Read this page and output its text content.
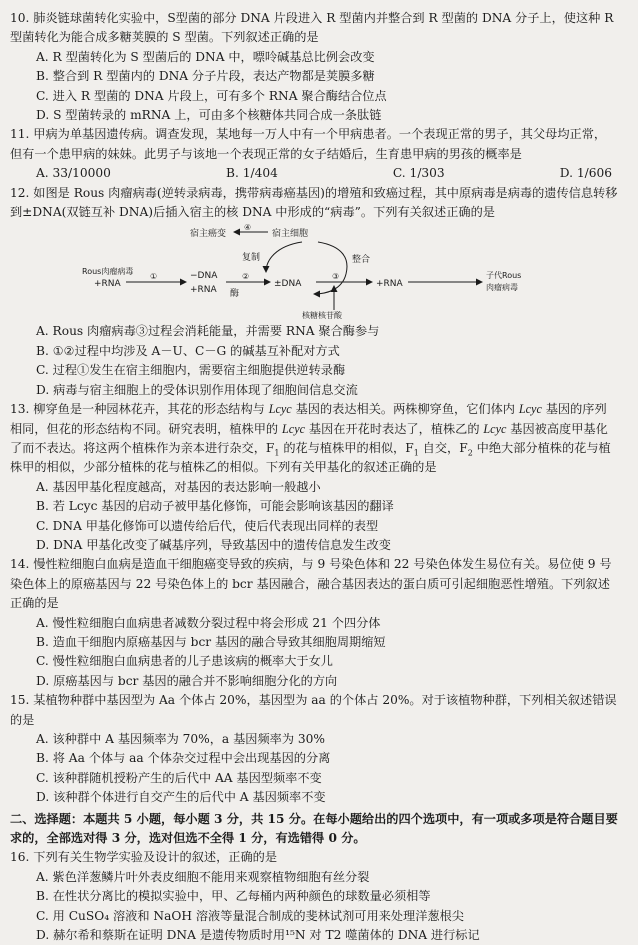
10. 肺炎链球菌转化实验中，S型菌的部分 DNA 片段进入 R 型菌内并整合到 R 型菌的 DNA 分子上，使这种 R 型菌转化为能合成多糖荚膜的 S 型菌。下列叙述正确的是
A. R 型菌转化为 S 型菌后的 DNA 中，嘌呤碱基总比例会改变
B. 整合到 R 型菌内的 DNA 分子片段，表达产物都是荚膜多糖
C. 进入 R 型菌的 DNA 片段上，可有多个 RNA 聚合酶结合位点
D. S 型菌转录的 mRNA 上，可由多个核糖体共同合成一条肽链
11. 甲病为单基因遗传病。调查发现，某地每一万人中有一个甲病患者。一个表现正常的男子，其父母均正常，但有一个患甲病的妹妹。此男子与该地一个表现正常的女子结婚后，生育患甲病的男孩的概率是
A. 33/10000	B. 1/404	C. 1/303	D. 1/606
12. 如图是 Rous 肉瘤病毒(逆转录病毒，携带病毒癌基因)的增殖和致癌过程，其中原病毒是病毒的遗传信息转移到±DNA(双链互补 DNA)后插入宿主的核 DNA 中形成的“病毒”。下列有关叙述正确的是
宿主癌变
④
宿主细胞
复制	整合
Rous肉瘤病毒
+RNA
①	−DNA
+RNA
②
酶
±DNA
③
核糖核苷酸
+RNA
子代Rous
肉瘤病毒
A. Rous 肉瘤病毒③过程会消耗能量，并需要 RNA 聚合酶参与
B. ①②过程中均涉及 A－U、C－G 的碱基互补配对方式
C. 过程①发生在宿主细胞内，需要宿主细胞提供逆转录酶
D. 病毒与宿主细胞上的受体识别作用体现了细胞间信息交流
13. 柳穿鱼是一种园林花卉，其花的形态结构与 Lcyc 基因的表达相关。两株柳穿鱼，它们体内 Lcyc 基因的序列相同，但花的形态结构不同。研究表明，植株甲的 Lcyc 基因在开花时表达了，植株乙的 Lcyc 基因被高度甲基化了而不表达。将这两个植株作为亲本进行杂交，$F_1$ 的花与植株甲的相似，$F_1$ 自交，$F_2$ 中绝大部分植株的花与植株甲的相似，少部分植株的花与植株乙的相似。下列有关甲基化的叙述正确的是
A. 基因甲基化程度越高，对基因的表达影响一般越小
B. 若 Lcyc 基因的启动子被甲基化修饰，可能会影响该基因的翻译
C. DNA 甲基化修饰可以遗传给后代，使后代表现出同样的表型
D. DNA 甲基化改变了碱基序列，导致基因中的遗传信息发生改变
14. 慢性粒细胞白血病是造血干细胞癌变导致的疾病，与 9 号染色体和 22 号染色体发生易位有关。易位使 9 号染色体上的原癌基因与 22 号染色体上的 bcr 基因融合，融合基因表达的蛋白质可引起细胞恶性增殖。下列叙述正确的是
A. 慢性粒细胞白血病患者减数分裂过程中将会形成 21 个四分体
B. 造血干细胞内原癌基因与 bcr 基因的融合导致其细胞周期缩短
C. 慢性粒细胞白血病患者的儿子患该病的概率大于女儿
D. 原癌基因与 bcr 基因的融合并不影响细胞分化的方向
15. 某植物种群中基因型为 Aa 个体占 20%，基因型为 aa 的个体占 20%。对于该植物种群，下列相关叙述错误的是
A. 该种群中 A 基因频率为 70%，a 基因频率为 30%
B. 将 Aa 个体与 aa 个体杂交过程中会出现基因的分离
C. 该种群随机授粉产生的后代中 AA 基因型频率不变
D. 该种群个体进行自交产生的后代中 A 基因频率不变
二、选择题：本题共 5 小题，每小题 3 分，共 15 分。在每小题给出的四个选项中，有一项或多项是符合题目要求的，全部选对得 3 分，选对但选不全得 1 分，有选错得 0 分。
16. 下列有关生物学实验及设计的叙述，正确的是
A. 紫色洋葱鳞片叶外表皮细胞不能用来观察植物细胞有丝分裂
B. 在性状分离比的模拟实验中，甲、乙每桶内两种颜色的球数量必须相等
C. 用 CuSO₄ 溶液和 NaOH 溶液等量混合制成的斐林试剂可用来处理洋葱根尖
D. 赫尔希和蔡斯在证明 DNA 是遗传物质时用¹⁵N 对 T2 噬菌体的 DNA 进行标记
